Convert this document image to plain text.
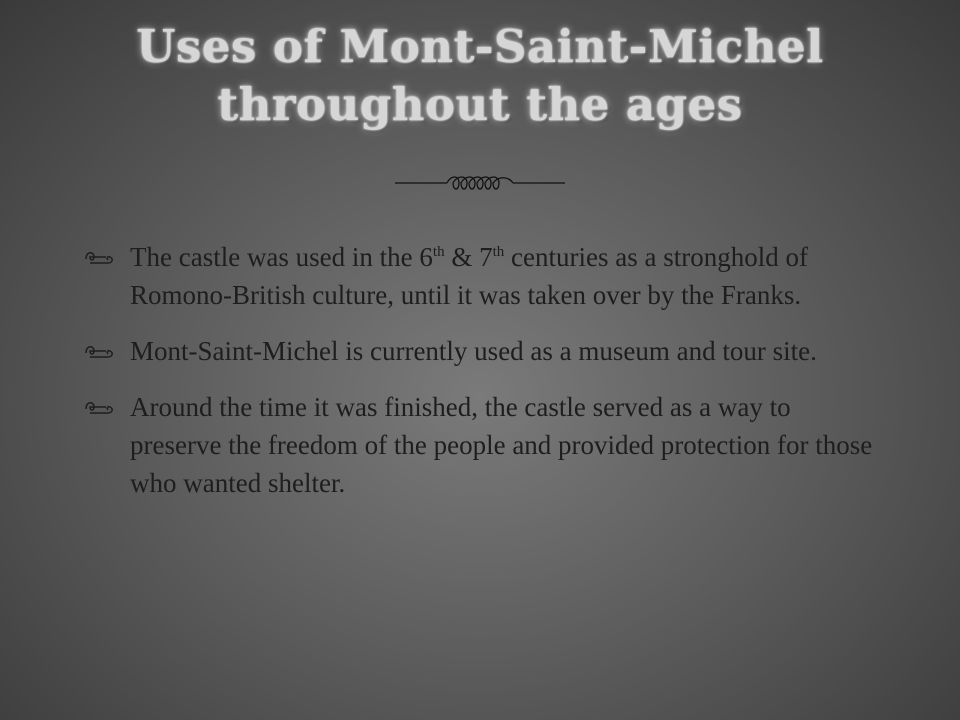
Uses of Mont-Saint-Michel
throughout the ages
The castle was used in the 6th & 7th centuries as a stronghold of Romono-British culture, until it was taken over by the Franks.
Mont-Saint-Michel is currently used as a museum and tour site.
Around the time it was finished, the castle served as a way to preserve the freedom of the people and provided protection for those who wanted shelter.
